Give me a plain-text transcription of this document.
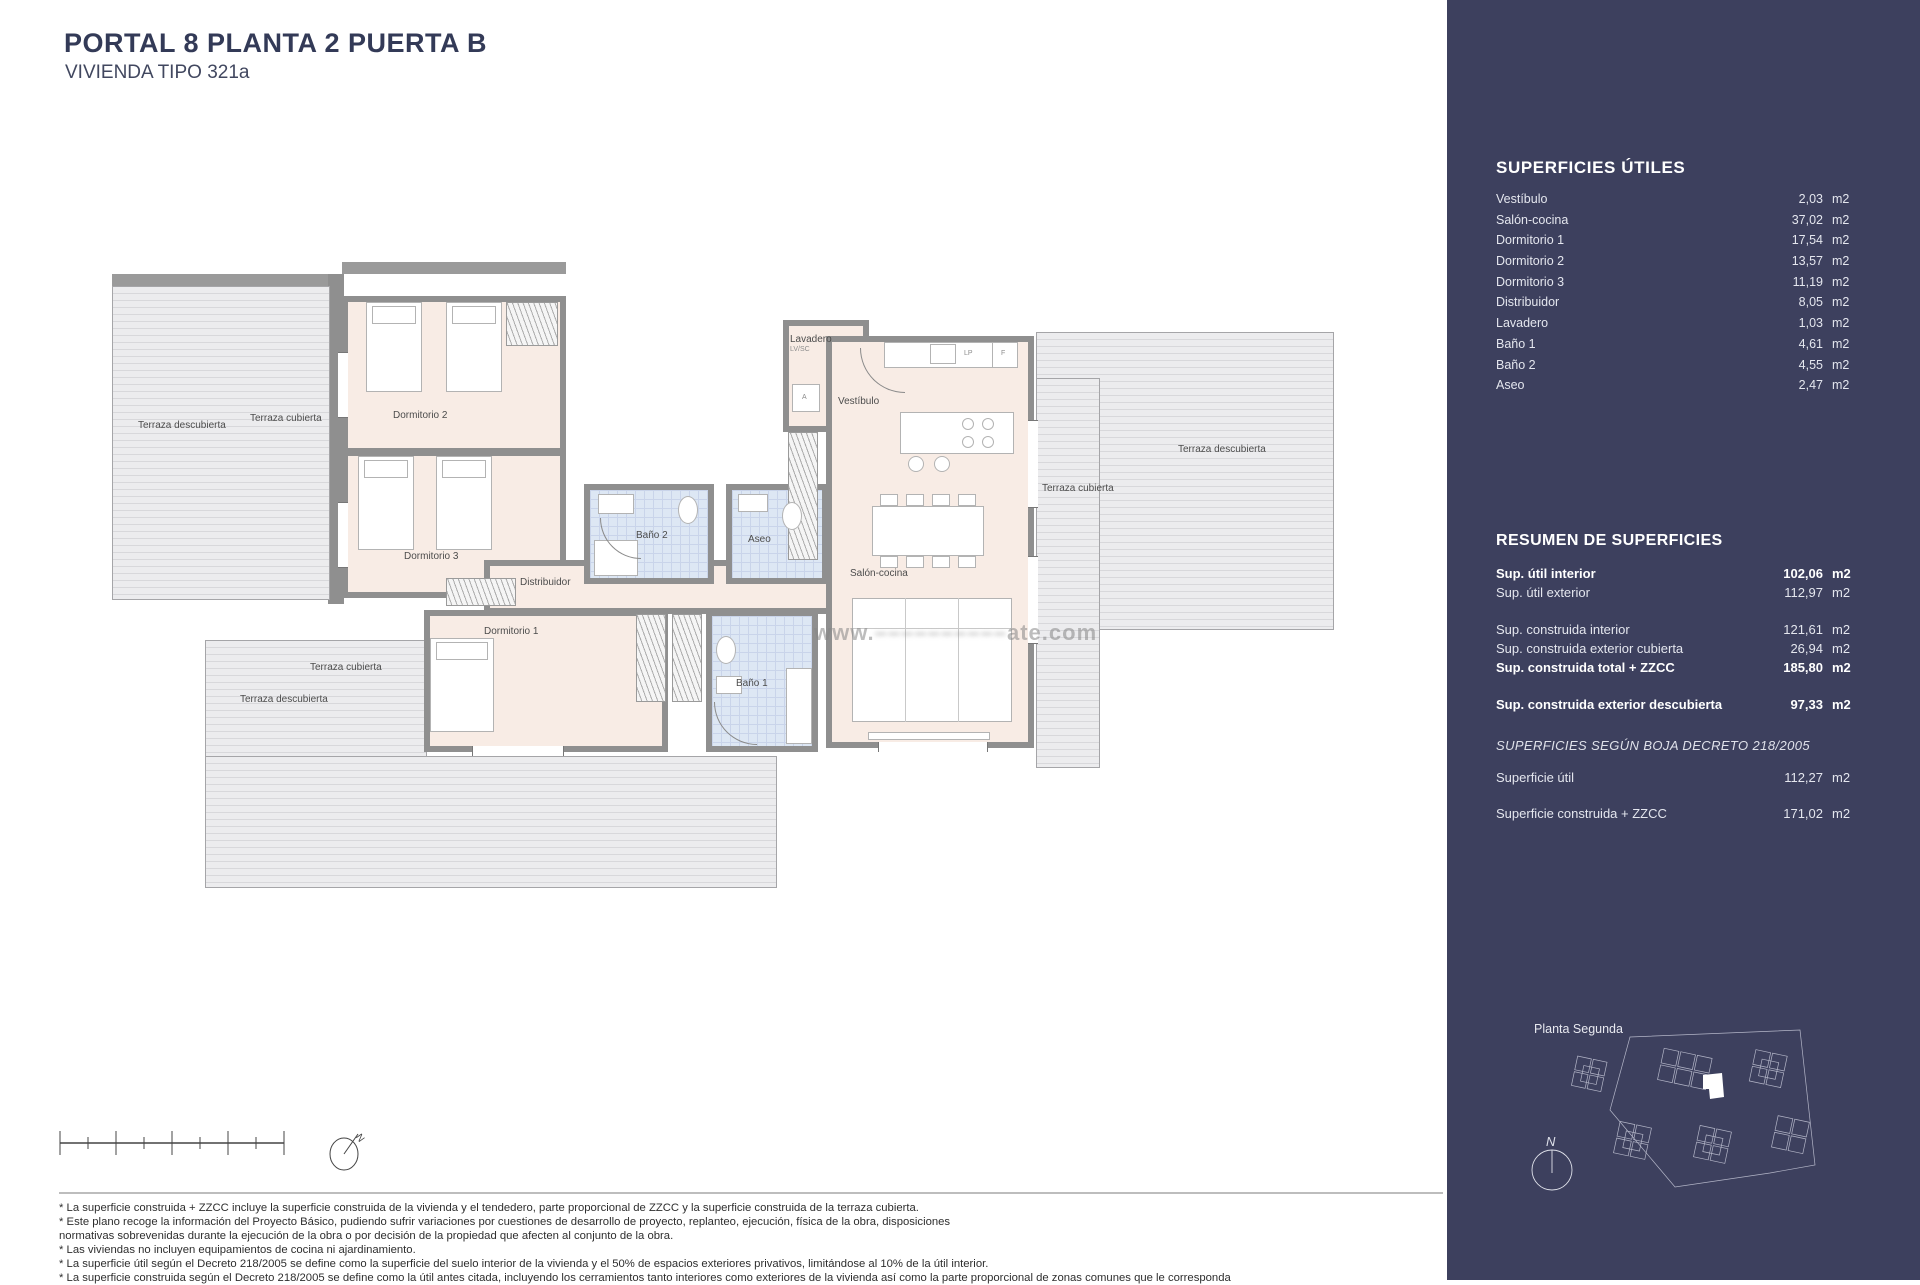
PORTAL 8 PLANTA 2 PUERTA B
VIVIENDA TIPO 321a
Terraza descubierta
Terraza cubierta
Terraza descubierta
Terraza cubierta
Terraza cubierta
Terraza descubierta
LP	F
A
Dormitorio 2
Dormitorio 3
Distribuidor
Dormitorio 1
Lavadero
LV/SC
Vestíbulo
Salón-cocina
Baño 2	Aseo
Baño 1
www.––––––––––ate.com
N
* La superficie construida + ZZCC incluye la superficie construida de la vivienda y el tendedero, parte proporcional de ZZCC y la superficie construida de la terraza cubierta.
* Este plano recoge la información del Proyecto Básico, pudiendo sufrir variaciones por cuestiones de desarrollo de proyecto, replanteo, ejecución, física de la obra, disposiciones
normativas sobrevenidas durante la ejecución de la obra o por decisión de la propiedad que afecten al conjunto de la obra.
* Las viviendas no incluyen equipamientos de cocina ni ajardinamiento.
* La superficie útil según el Decreto 218/2005 se define como la superficie del suelo interior de la vivienda y el 50% de espacios exteriores privativos, limitándose al 10% de la útil interior.
* La superficie construida según el Decreto 218/2005 se define como la útil antes citada, incluyendo los cerramientos tanto interiores como exteriores de la vivienda así como la parte proporcional de zonas comunes que le corresponda
SUPERFICIES ÚTILES
Vestíbulo	2,03 m2
Salón-cocina	37,02 m2
Dormitorio 1	17,54 m2
Dormitorio 2	13,57 m2
Dormitorio 3	11,19 m2
Distribuidor	8,05 m2
Lavadero	1,03 m2
Baño 1	4,61 m2
Baño 2	4,55 m2
Aseo	2,47 m2
RESUMEN DE SUPERFICIES
Sup. útil interior	102,06 m2
Sup. útil exterior	112,97 m2
Sup. construida interior	121,61 m2
Sup. construida exterior cubierta	26,94 m2
Sup. construida total + ZZCC	185,80 m2
Sup. construida exterior descubierta	97,33 m2
SUPERFICIES SEGÚN BOJA DECRETO 218/2005
Superficie útil	112,27 m2
Superficie construida + ZZCC	171,02 m2
Planta Segunda
N
